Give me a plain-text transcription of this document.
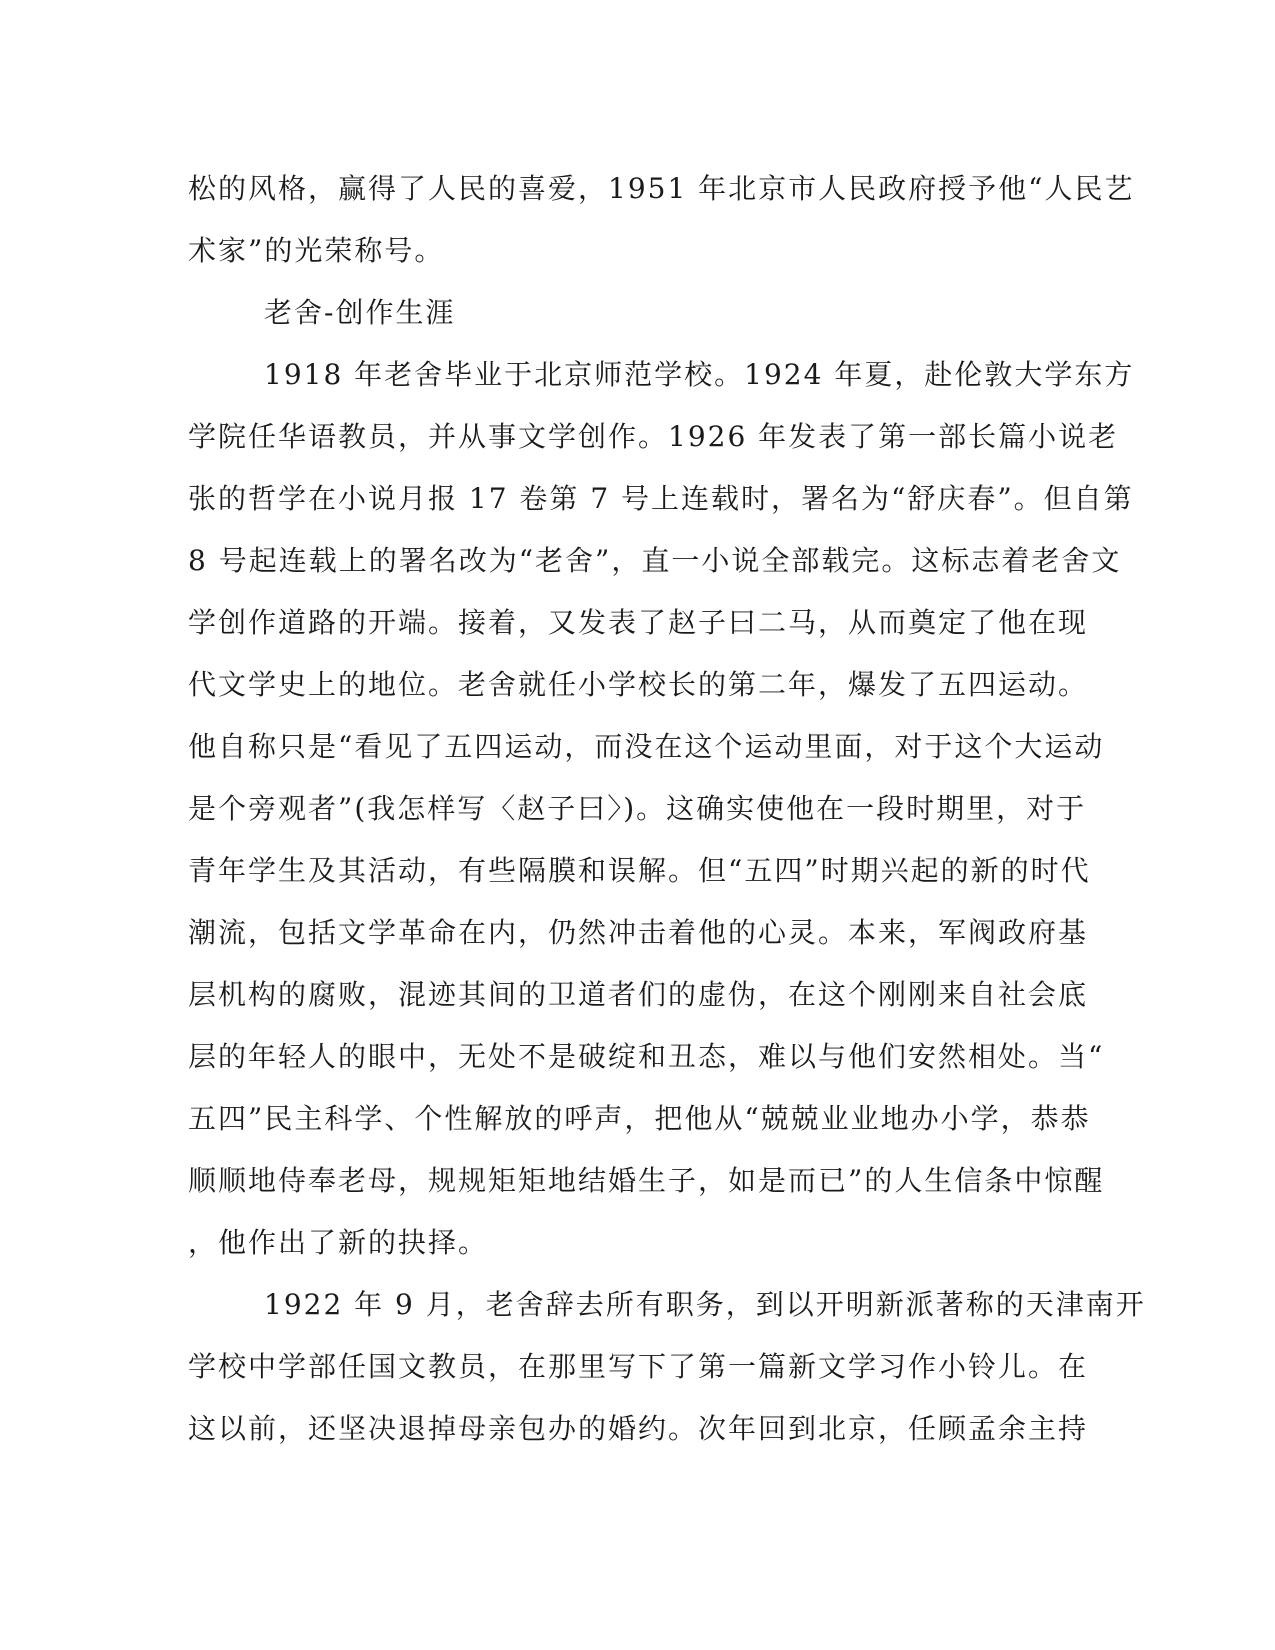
松的风格，赢得了人民的喜爱，1951 年北京市人民政府授予他“人民艺
术家”的光荣称号。
老舍-创作生涯
1918 年老舍毕业于北京师范学校。1924 年夏，赴伦敦大学东方
学院任华语教员，并从事文学创作。1926 年发表了第一部长篇小说老
张的哲学在小说月报 17 卷第 7 号上连载时，署名为“舒庆春”。但自第
8 号起连载上的署名改为“老舍”，直一小说全部载完。这标志着老舍文
学创作道路的开端。接着，又发表了赵子曰二马，从而奠定了他在现
代文学史上的地位。老舍就任小学校长的第二年，爆发了五四运动。
他自称只是“看见了五四运动，而没在这个运动里面，对于这个大运动
是个旁观者”(我怎样写〈赵子曰〉)。这确实使他在一段时期里，对于
青年学生及其活动，有些隔膜和误解。但“五四”时期兴起的新的时代
潮流，包括文学革命在内，仍然冲击着他的心灵。本来，军阀政府基
层机构的腐败，混迹其间的卫道者们的虚伪，在这个刚刚来自社会底
层的年轻人的眼中，无处不是破绽和丑态，难以与他们安然相处。当“
五四”民主科学、个性解放的呼声，把他从“兢兢业业地办小学，恭恭
顺顺地侍奉老母，规规矩矩地结婚生子，如是而已”的人生信条中惊醒
，他作出了新的抉择。
1922 年 9 月，老舍辞去所有职务，到以开明新派著称的天津南开
学校中学部任国文教员，在那里写下了第一篇新文学习作小铃儿。在
这以前，还坚决退掉母亲包办的婚约。次年回到北京，任顾孟余主持
